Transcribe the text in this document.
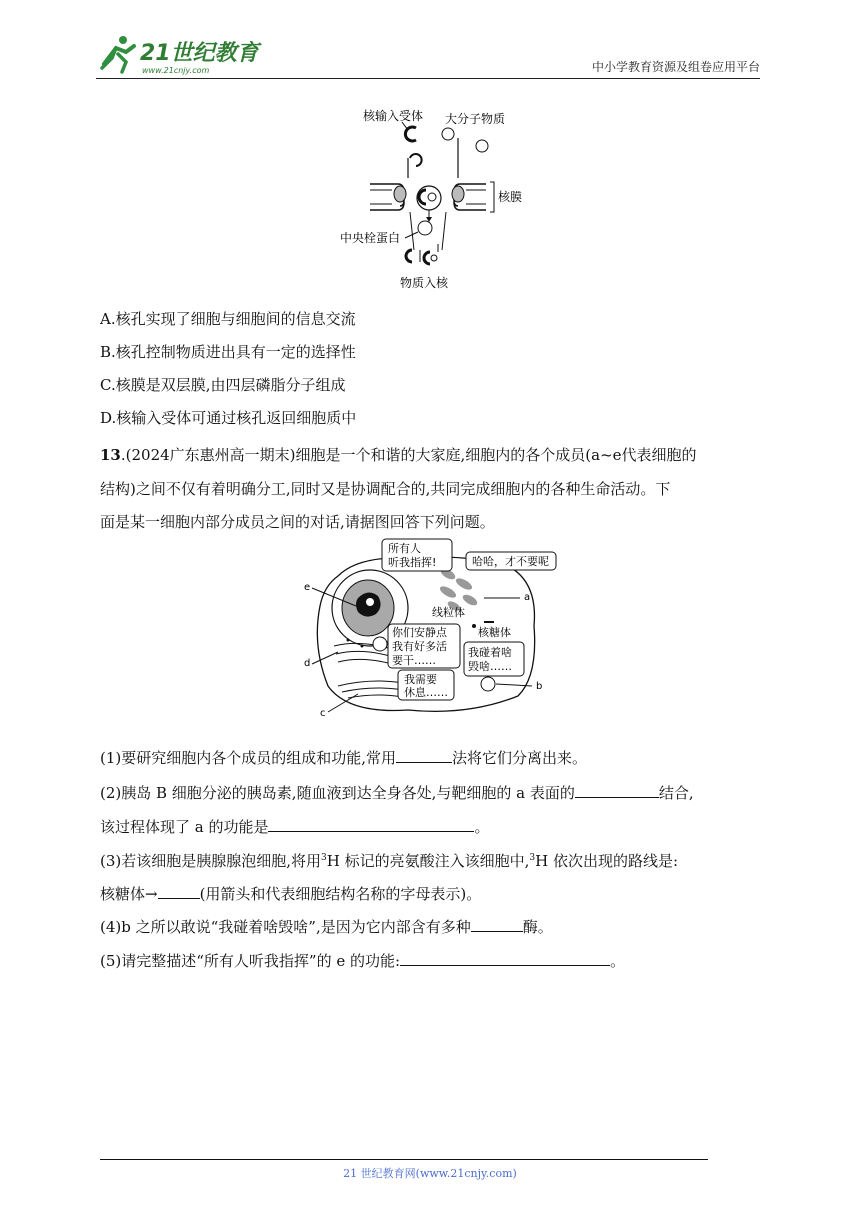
21世纪教育
www.21cnjy.com	中小学教育资源及组卷应用平台
核输入受体 大分子物质
核膜
中央栓蛋白
物质入核
A.核孔实现了细胞与细胞间的信息交流
B.核孔控制物质进出具有一定的选择性
C.核膜是双层膜,由四层磷脂分子组成
D.核输入受体可通过核孔返回细胞质中
13.(2024广东惠州高一期末)细胞是一个和谐的大家庭,细胞内的各个成员(a~e代表细胞的
结构)之间不仅有着明确分工,同时又是协调配合的,共同完成细胞内的各种生命活动。下
面是某一细胞内部分成员之间的对话,请据图回答下列问题。
e
线粒体
核糖体
a
d
c
b
所有人
听我指挥!	哈哈，才不要呢
你们安静点
我有好多活
要干……
我碰着啥
毁啥……
我需要
休息……
(1)要研究细胞内各个成员的组成和功能,常用	法将它们分离出来。
(2)胰岛 B 细胞分泌的胰岛素,随血液到达全身各处,与靶细胞的 a 表面的	结合,
该过程体现了 a 的功能是	。
(3)若该细胞是胰腺腺泡细胞,将用$^3$H 标记的亮氨酸注入该细胞中,$^3$H 依次出现的路线是:
核糖体→	(用箭头和代表细胞结构名称的字母表示)。
(4)b 之所以敢说“我碰着啥毁啥”,是因为它内部含有多种	酶。
(5)请完整描述“所有人听我指挥”的 e 的功能:	。
21 世纪教育网(www.21cnjy.com)
